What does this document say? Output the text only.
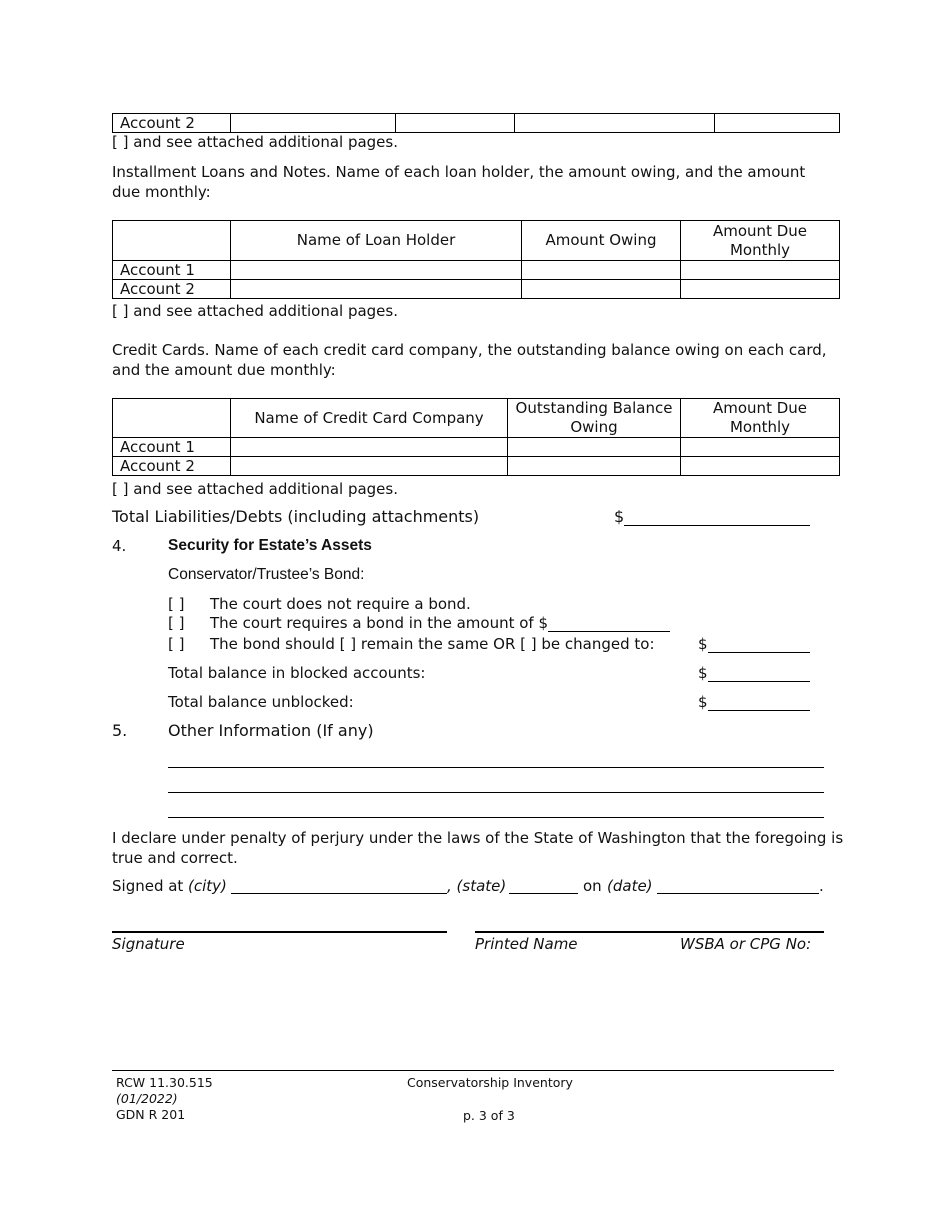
Account 2				
[ ] and see attached additional pages.
Installment Loans and Notes. Name of each loan holder, the amount owing, and the amount due monthly:
	Name of Loan Holder	Amount Owing	Amount Due Monthly
Account 1			
Account 2			
[ ] and see attached additional pages.
Credit Cards. Name of each credit card company, the outstanding balance owing on each card, and the amount due monthly:
	Name of Credit Card Company	Outstanding Balance Owing	Amount Due Monthly
Account 1			
Account 2			
[ ] and see attached additional pages.
Total Liabilities/Debts (including attachments)	$
4.	Security for Estate’s Assets
Conservator/Trustee’s Bond:
[ ] The court does not require a bond.
[ ] The court requires a bond in the amount of $
[ ] The bond should [ ] remain the same OR [ ] be changed to:	$
Total balance in blocked accounts:	$
Total balance unblocked:	$
5.	Other Information (If any)
I declare under penalty of perjury under the laws of the State of Washington that the foregoing is true and correct.
Signed at (city)	, (state)	on (date)	.
Signature	Printed Name	WSBA or CPG No:
RCW 11.30.515
(01/2022)
GDN R 201
Conservatorship Inventory
p. 3 of 3
